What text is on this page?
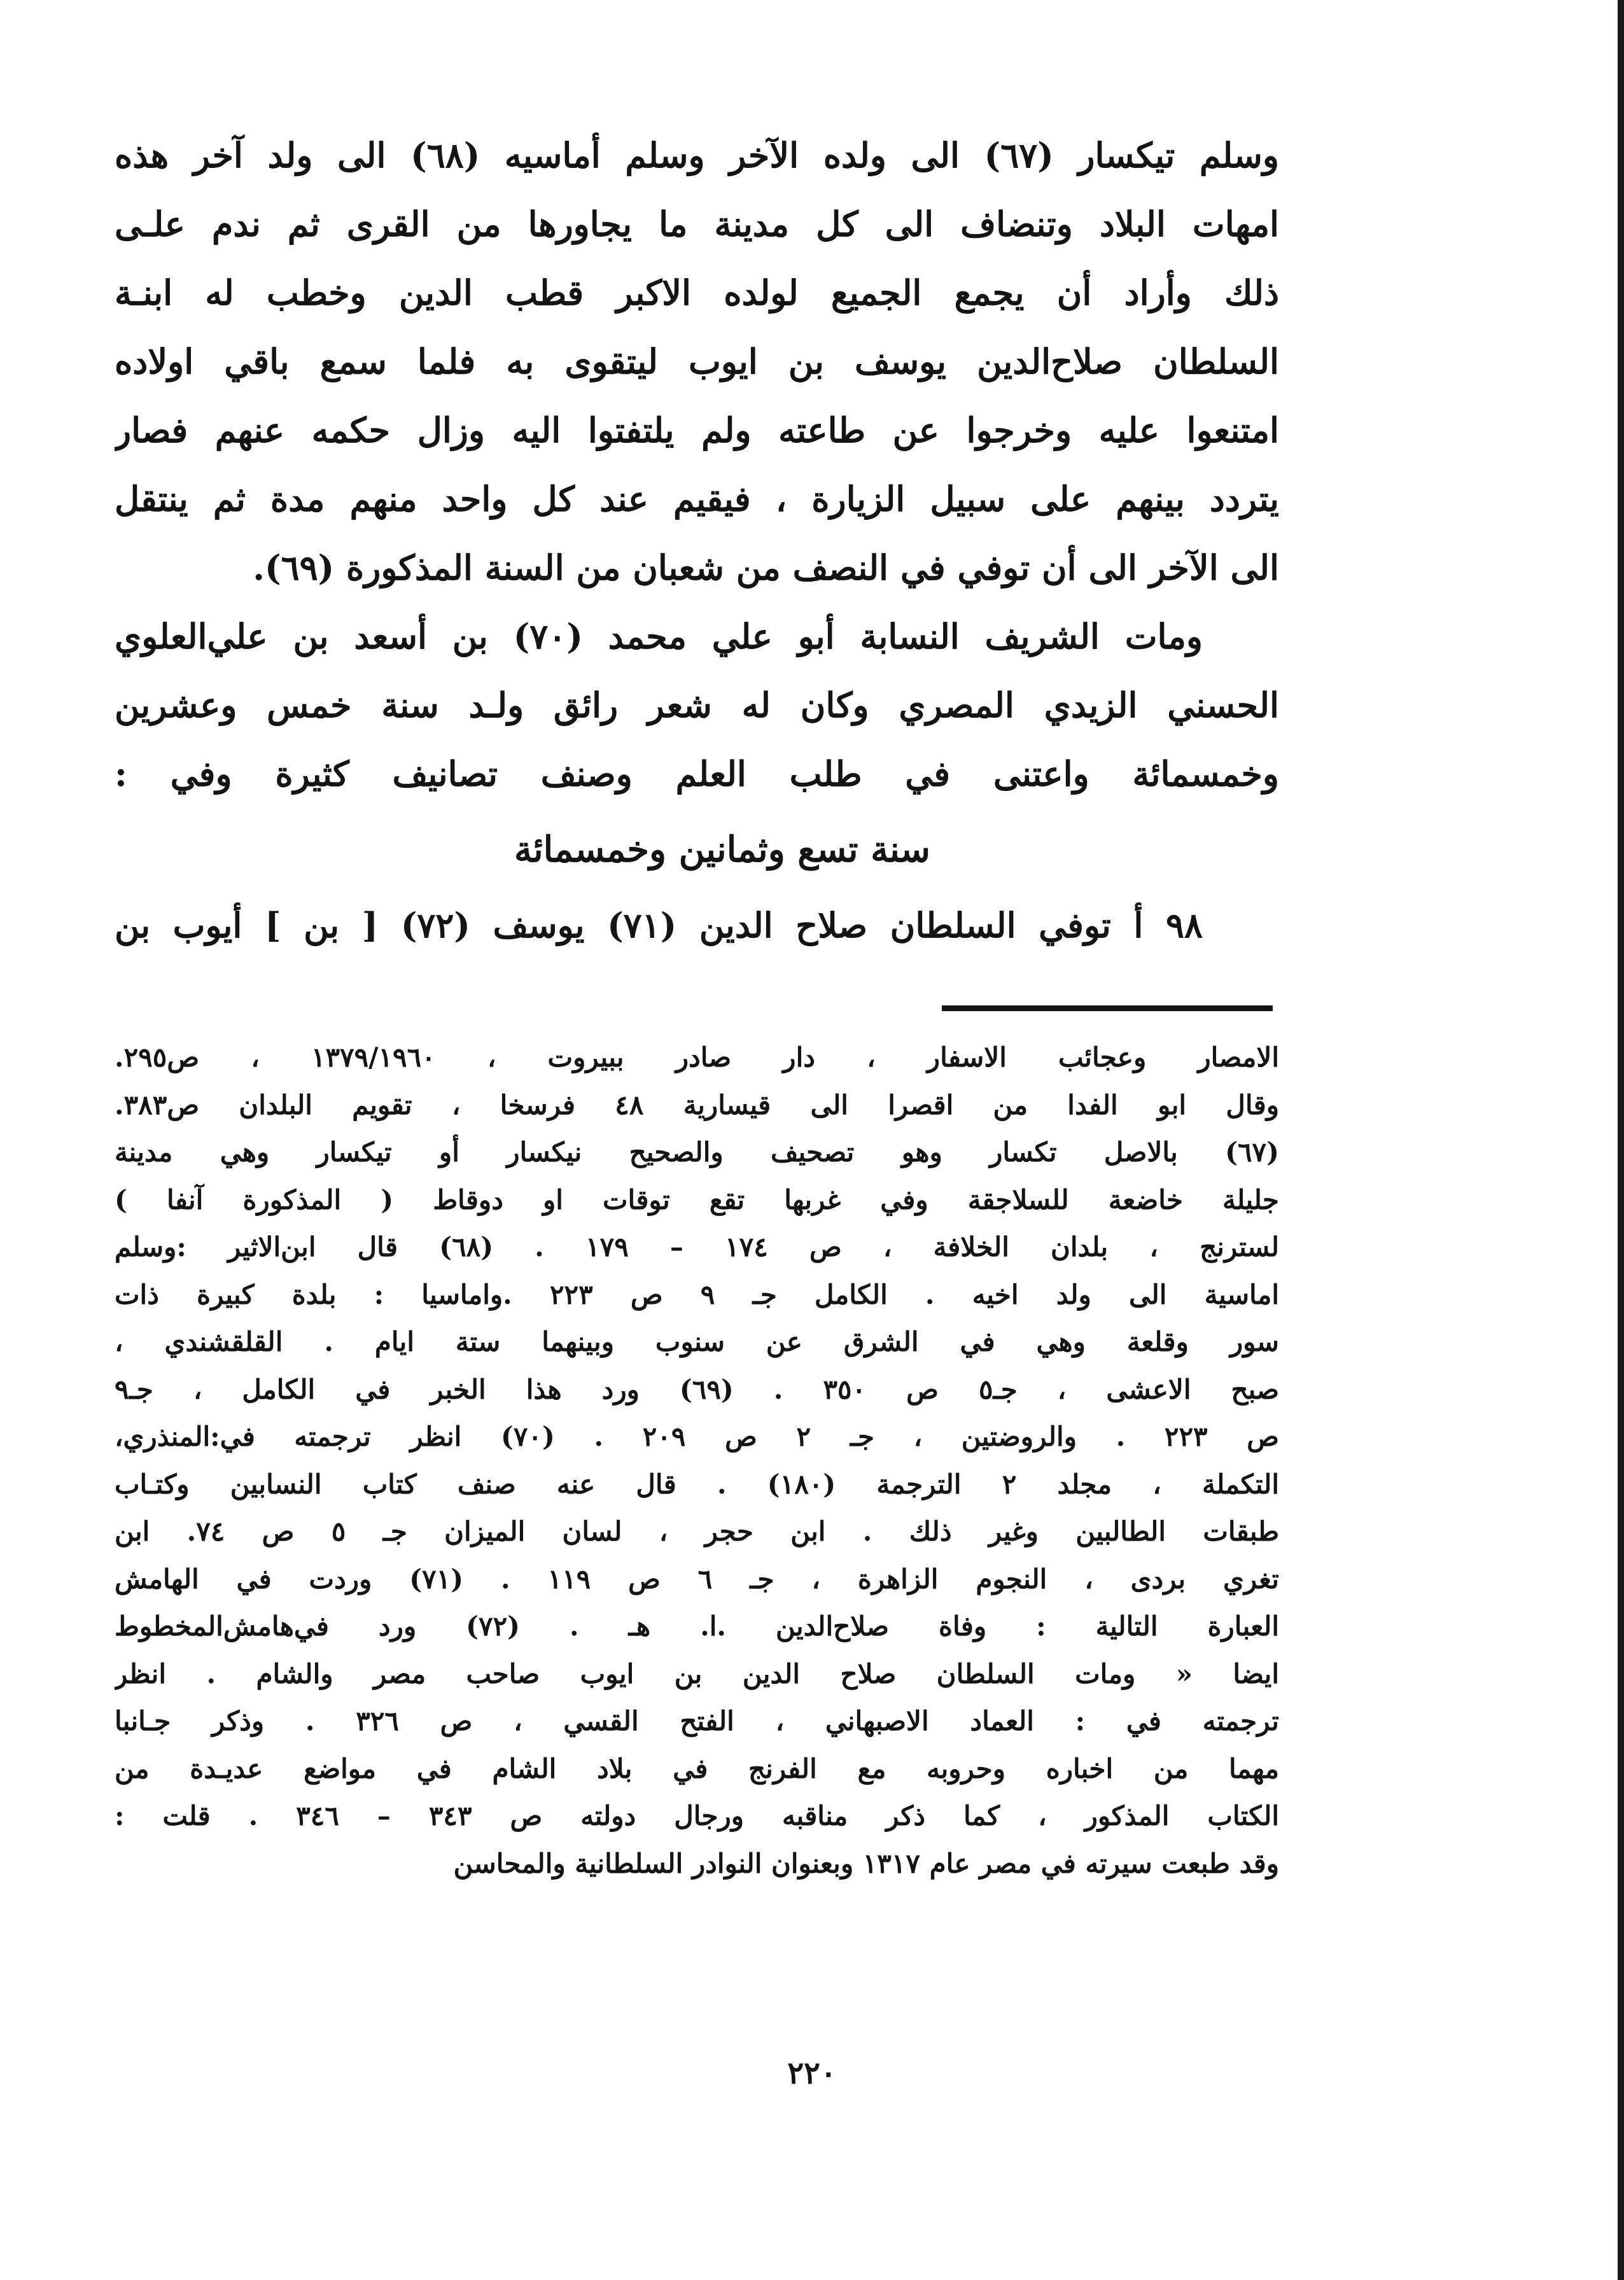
وسلم تيكسار (٦٧) الى ولده الآخر وسلم أماسيه (٦٨) الى ولد آخر هذه
امهات البلاد وتنضاف الى كل مدينة ما يجاورها من القرى ثم ندم علـى
ذلك وأراد أن يجمع الجميع لولده الاكبر قطب الدين وخطب له ابنـة
السلطان صلاح‌الدين يوسف بن ايوب ليتقوى به فلما سمع باقي اولاده
امتنعوا عليه وخرجوا عن طاعته ولم يلتفتوا اليه وزال حكمه عنهم فصار
يتردد بينهم على سبيل الزيارة ، فيقيم عند كل واحد منهم مدة ثم ينتقل
الى الآخر الى أن توفي في النصف من شعبان من السنة المذكورة (٦٩).
ومات الشريف النسابة أبو علي محمد (٧٠) بن أسعد بن علي‌العلوي
الحسني الزيدي المصري وكان له شعر رائق ولـد سنة خمس وعشرين
وخمسمائة واعتنى في طلب العلم وصنف تصانيف كثيرة وفي :
سنة تسع وثمانين وخمسمائة
٩٨ أ توفي السلطان صلاح الدين (٧١) يوسف (٧٢) [ بن ] أيوب بن
الامصار وعجائب الاسفار ، دار صادر ببيروت ، ١٣٧٩/١٩٦٠ ، ص٢٩٥.
وقال ابو الفدا من اقصرا الى قيسارية ٤٨ فرسخا ، تقويم البلدان ص٣٨٣.
(٦٧) بالاصل تكسار وهو تصحيف والصحيح نيكسار أو تيكسار وهي مدينة
جليلة خاضعة للسلاجقة وفي غربها تقع توقات او دوقاط ( المذكورة آنفا )
لسترنج ، بلدان الخلافة ، ص ١٧٤ – ١٧٩ . (٦٨) قال ابن‌الاثير :وسلم
اماسية الى ولد اخيه . الكامل جـ ٩ ص ٢٢٣ .واماسيا : بلدة كبيرة ذات
سور وقلعة وهي في الشرق عن سنوب وبينهما ستة ايام . القلقشندي ،
صبح الاعشى ، جـ٥ ص ٣٥٠ . (٦٩) ورد هذا الخبر في الكامل ، جـ٩
ص ٢٢٣ . والروضتين ، جـ ٢ ص ٢٠٩ . (٧٠) انظر ترجمته في:المنذري،
التكملة ، مجلد ٢ الترجمة (١٨٠) . قال عنه صنف كتاب النسابين وكتـاب
طبقات الطالبين وغير ذلك . ابن حجر ، لسان الميزان جـ ٥ ص ٧٤. ابن
تغري بردى ، النجوم الزاهرة ، جـ ٦ ص ١١٩ . (٧١) وردت في الهامش
العبارة التالية : وفاة صلاح‌الدين .ا. هـ . (٧٢) ورد في‌هامش‌المخطوط
ايضا « ومات السلطان صلاح الدين بن ايوب صاحب مصر والشام . انظر
ترجمته في : العماد الاصبهاني ، الفتح القسي ، ص ٣٢٦ . وذكر جـانبا
مهما من اخباره وحروبه مع الفرنج في بلاد الشام في مواضع عديـدة من
الكتاب المذكور ، كما ذكر مناقبه ورجال دولته ص ٣٤٣ – ٣٤٦ . قلت :
وقد طبعت سيرته في مصر عام ١٣١٧ وبعنوان النوادر السلطانية والمحاسن
٢٢٠
